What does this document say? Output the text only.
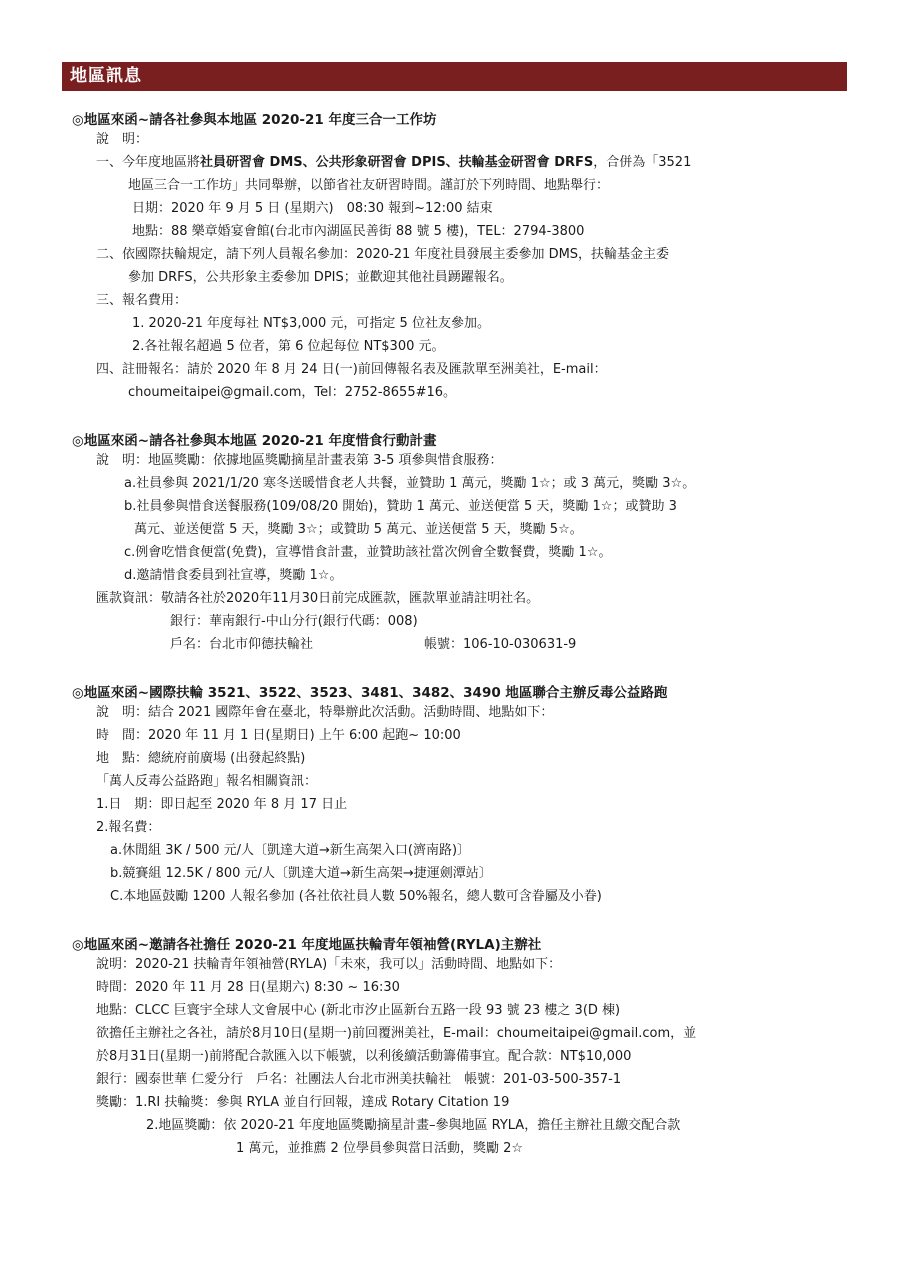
地區訊息
◎地區來函~請各社參與本地區 2020-21 年度三合一工作坊
說　明：
一、今年度地區將社員研習會 DMS、公共形象研習會 DPIS、扶輪基金研習會 DRFS，合併為「3521
地區三合一工作坊」共同舉辦，以節省社友研習時間。謹訂於下列時間、地點舉行：
日期：2020 年 9 月 5 日 (星期六)　08:30 報到~12:00 結束
地點：88 樂章婚宴會館(台北市內湖區民善街 88 號 5 樓)，TEL：2794-3800
二、依國際扶輪規定，請下列人員報名參加：2020-21 年度社員發展主委參加 DMS，扶輪基金主委
參加 DRFS，公共形象主委參加 DPIS；並歡迎其他社員踴躍報名。
三、報名費用：
1. 2020-21 年度每社 NT$3,000 元，可指定 5 位社友參加。
2.各社報名超過 5 位者，第 6 位起每位 NT$300 元。
四、註冊報名：請於 2020 年 8 月 24 日(一)前回傳報名表及匯款單至洲美社，E-mail：
choumeitaipei@gmail.com，Tel：2752-8655#16。
◎地區來函~請各社參與本地區 2020-21 年度惜食行動計畫
說　明：地區獎勵：依據地區獎勵摘星計畫表第 3-5 項參與惜食服務：
a.社員參與 2021/1/20 寒冬送暖惜食老人共餐，並贊助 1 萬元，獎勵 1☆；或 3 萬元，獎勵 3☆。
b.社員參與惜食送餐服務(109/08/20 開始)，贊助 1 萬元、並送便當 5 天，獎勵 1☆；或贊助 3
萬元、並送便當 5 天，獎勵 3☆；或贊助 5 萬元、並送便當 5 天，獎勵 5☆。
c.例會吃惜食便當(免費)，宣導惜食計畫，並贊助該社當次例會全數餐費，獎勵 1☆。
d.邀請惜食委員到社宣導，獎勵 1☆。
匯款資訊：敬請各社於2020年11月30日前完成匯款，匯款單並請註明社名。
銀行：華南銀行-中山分行(銀行代碼：008)
戶名：台北市仰德扶輪社	帳號：106-10-030631-9
◎地區來函~國際扶輪 3521、3522、3523、3481、3482、3490 地區聯合主辦反毒公益路跑
說　明：結合 2021 國際年會在臺北，特舉辦此次活動。活動時間、地點如下：
時　間：2020 年 11 月 1 日(星期日) 上午 6:00 起跑~ 10:00
地　點：總統府前廣場 (出發起終點)
「萬人反毒公益路跑」報名相關資訊：
1.日　期：即日起至 2020 年 8 月 17 日止
2.報名費：
a.休閒組 3K / 500 元/人〔凱達大道→新生高架入口(濟南路)〕
b.競賽組 12.5K / 800 元/人〔凱達大道→新生高架→捷運劍潭站〕
C.本地區鼓勵 1200 人報名參加 (各社依社員人數 50%報名，總人數可含眷屬及小眷)
◎地區來函~邀請各社擔任 2020-21 年度地區扶輪青年領袖營(RYLA)主辦社
說明：2020-21 扶輪青年領袖營(RYLA)「未來，我可以」活動時間、地點如下：
時間：2020 年 11 月 28 日(星期六) 8:30 ~ 16:30
地點：CLCC 巨寰宇全球人文會展中心 (新北市汐止區新台五路一段 93 號 23 樓之 3(D 棟)
欲擔任主辦社之各社，請於8月10日(星期一)前回覆洲美社，E-mail：choumeitaipei@gmail.com，並
於8月31日(星期一)前將配合款匯入以下帳號，以利後續活動籌備事宜。配合款：NT$10,000
銀行：國泰世華 仁愛分行　戶名：社團法人台北市洲美扶輪社　帳號：201-03-500-357-1
獎勵：1.RI 扶輪獎：參與 RYLA 並自行回報，達成 Rotary Citation 19
2.地區獎勵：依 2020-21 年度地區獎勵摘星計畫–參與地區 RYLA，擔任主辦社且繳交配合款
1 萬元，並推薦 2 位學員參與當日活動，獎勵 2☆
